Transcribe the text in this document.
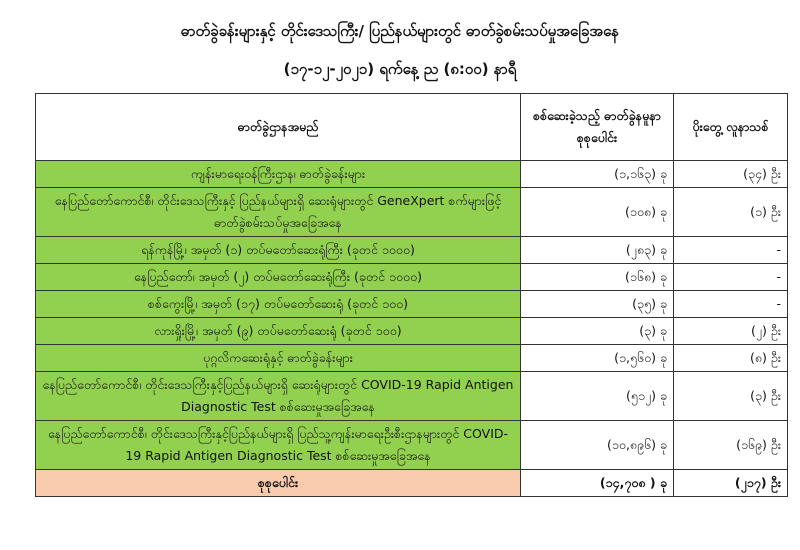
ဓာတ်ခွဲခန်းများနှင့် တိုင်းဒေသကြီး/ ပြည်နယ်များတွင် ဓာတ်ခွဲစမ်းသပ်မှုအခြေအနေ
(၁၇-၁၂-၂၀၂၁) ရက်နေ့ ည (၈:၀၀) နာရီ
ဓာတ်ခွဲဌာနအမည်	စစ်ဆေးခဲ့သည့် ဓာတ်ခွဲနမူနာ စုစုပေါင်း	ပိုးတွေ့ လူနာသစ်
ကျန်းမာရေးဝန်ကြီးဌာန၊ ဓာတ်ခွဲခန်းများ	(၁,၁၆၃) ခု	(၃၄) ဦး
နေပြည်တော်ကောင်စီ၊ တိုင်းဒေသကြီးနှင့် ပြည်နယ်များရှိ ဆေးရုံများတွင် GeneXpert စက်များဖြင့် ဓာတ်ခွဲစမ်းသပ်မှုအခြေအနေ	(၁၀၈) ခု	(၁) ဦး
ရန်ကုန်မြို့၊ အမှတ် (၁) တပ်မတော်ဆေးရုံကြီး (ခုတင် ၁၀၀၀)	(၂၈၃) ခု	-
နေပြည်တော်၊ အမှတ် (၂) တပ်မတော်ဆေးရုံကြီး (ခုတင် ၁၀၀၀)	(၁၆၈) ခု	-
စစ်ကွေးမြို့၊ အမှတ် (၁၇) တပ်မတော်ဆေးရုံ (ခုတင် ၁၀၀)	(၃၅) ခု	-
လားရှိုးမြို့၊ အမှတ် (၉) တပ်မတော်ဆေးရုံ (ခုတင် ၁၀၀)	(၃) ခု	(၂) ဦး
ပုဂ္ဂလိကဆေးရုံနှင့် ဓာတ်ခွဲခန်းများ	(၁,၅၆၀) ခု	(၈) ဦး
နေပြည်တော်ကောင်စီ၊ တိုင်းဒေသကြီးနှင့်ပြည်နယ်များရှိ ဆေးရုံများတွင် COVID-19 Rapid Antigen Diagnostic Test စစ်ဆေးမှုအခြေအနေ	(၅၁၂) ခု	(၃) ဦး
နေပြည်တော်ကောင်စီ၊ တိုင်းဒေသကြီးနှင့်ပြည်နယ်များရှိ ပြည်သူ့ကျန်းမာရေးဦးစီးဌာနများတွင် COVID-19 Rapid Antigen Diagnostic Test စစ်ဆေးမှုအခြေအနေ	(၁၀,၈၉၆) ခု	(၁၆၉) ဦး
စုစုပေါင်း	(၁၄,၇၀၈ ) ခု	(၂၁၇) ဦး
